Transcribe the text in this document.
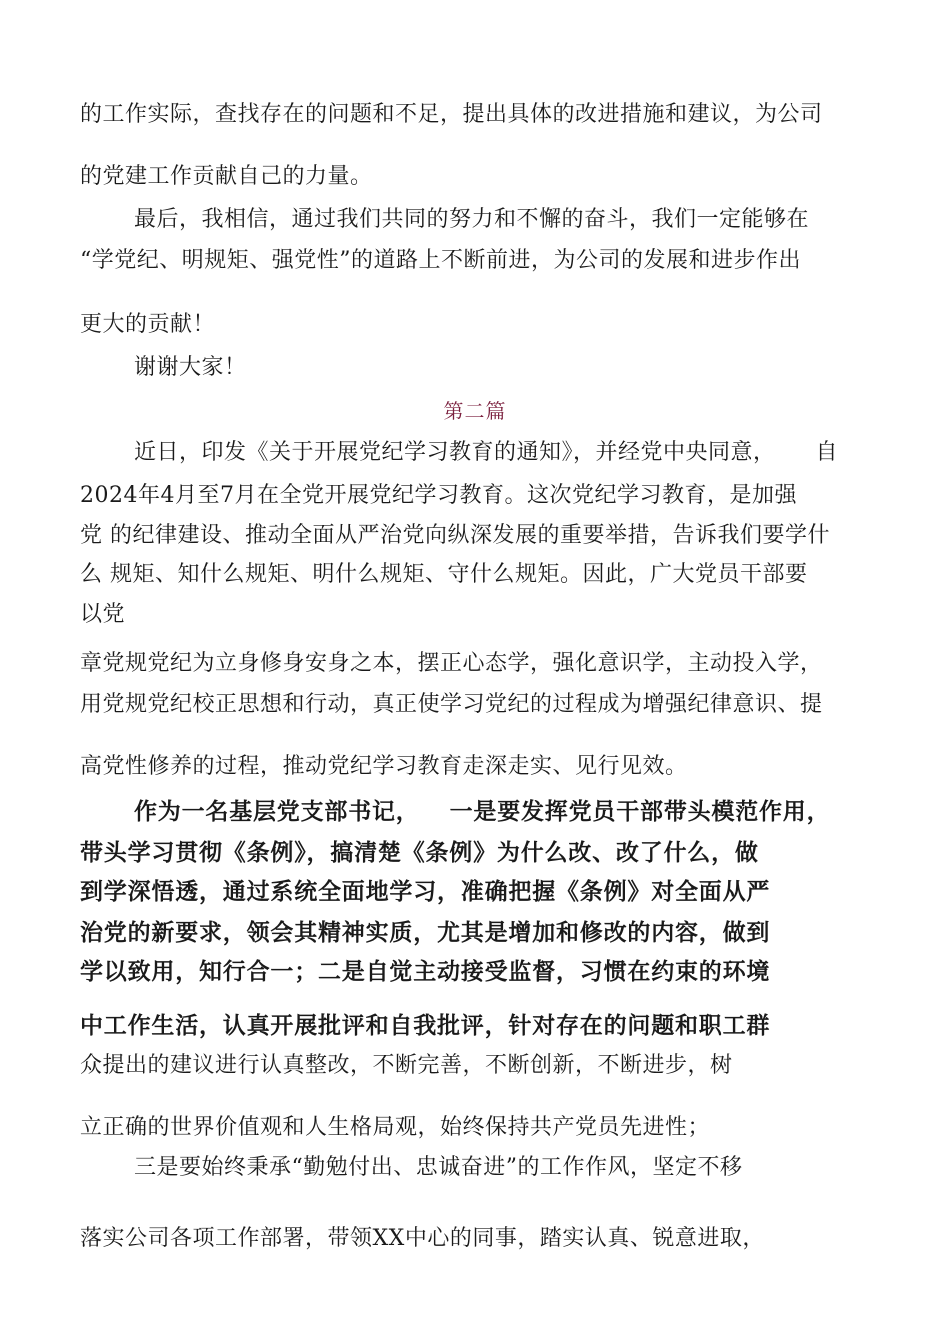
的工作实际，查找存在的问题和不足，提出具体的改进措施和建议，为公司
的党建工作贡献自己的力量。
最后，我相信，通过我们共同的努力和不懈的奋斗，我们一定能够在
“学党纪、明规矩、强党性”的道路上不断前进，为公司的发展和进步作出
更大的贡献！
谢谢大家！
第二篇
近日，印发《关于开展党纪学习教育的通知》，并经党中央同意， 自
2024年4月至7月在全党开展党纪学习教育。这次党纪学习教育，是加强
党 的纪律建设、推动全面从严治党向纵深发展的重要举措，告诉我们要学什
么 规矩、知什么规矩、明什么规矩、守什么规矩。因此，广大党员干部要
以党
章党规党纪为立身修身安身之本，摆正心态学，强化意识学，主动投入学，
用党规党纪校正思想和行动，真正使学习党纪的过程成为增强纪律意识、提
高党性修养的过程，推动党纪学习教育走深走实、见行见效。
作为一名基层党支部书记， 一是要发挥党员干部带头模范作用，
带头学习贯彻《条例》，搞清楚《条例》为什么改、改了什么，做
到学深悟透，通过系统全面地学习，准确把握《条例》对全面从严
治党的新要求，领会其精神实质，尤其是增加和修改的内容，做到
学以致用，知行合一；二是自觉主动接受监督，习惯在约束的环境
中工作生活，认真开展批评和自我批评，针对存在的问题和职工群
众提出的建议进行认真整改，不断完善，不断创新，不断进步，树
立正确的世界价值观和人生格局观，始终保持共产党员先进性；
三是要始终秉承“勤勉付出、忠诚奋进”的工作作风，坚定不移
落实公司各项工作部署，带领XX中心的同事，踏实认真、锐意进取，
